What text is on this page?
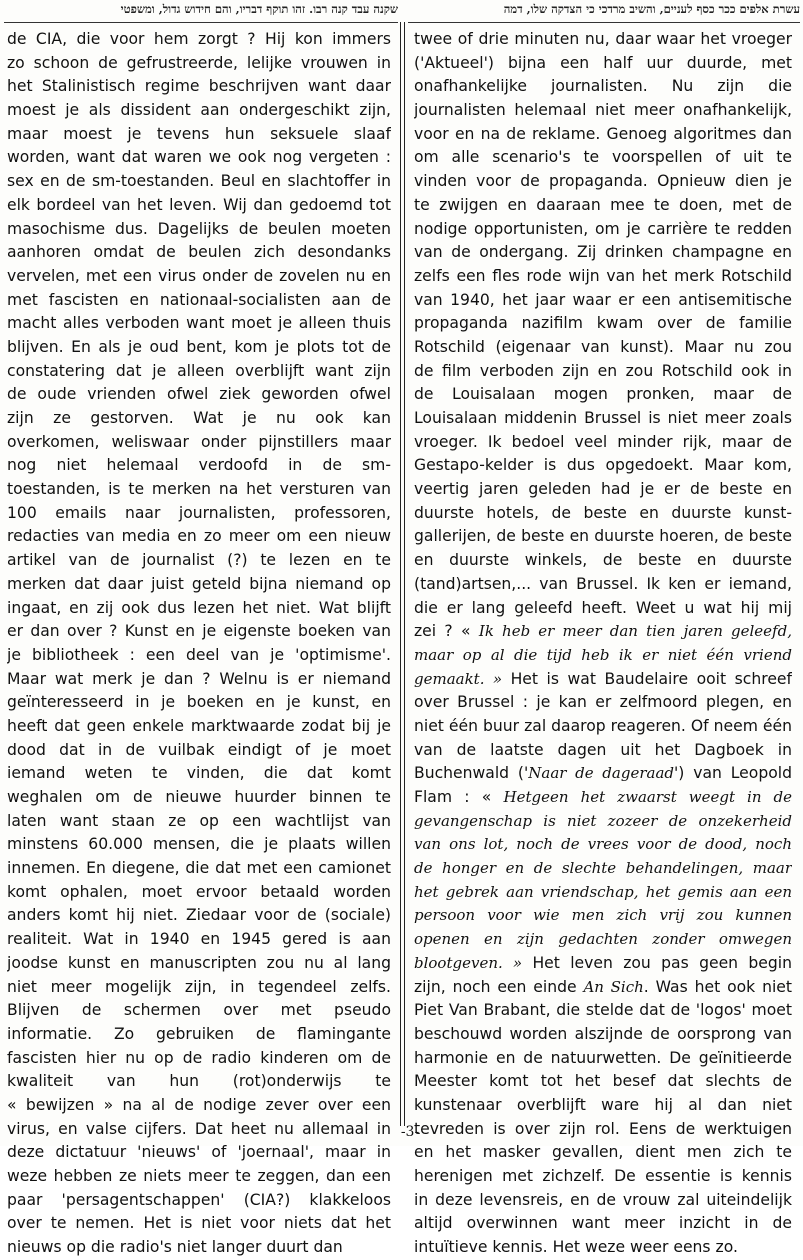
שקנה עבד קנה רבו. זהו תוקף דבריו, והם חידוש גדול, ומשפטי	עשרת אלפים ככר כסף לעניים, והשיב מרדכי כי הצדקה שלו, דמה
de CIA, die voor hem zorgt ? Hij kon immers
zo schoon de gefrustreerde, lelijke vrouwen in
het Stalinistisch regime beschrijven want daar
moest je als dissident aan ondergeschikt zijn,
maar moest je tevens hun seksuele slaaf
worden, want dat waren we ook nog vergeten :
sex en de sm-toestanden. Beul en slachtoffer in
elk bordeel van het leven. Wij dan gedoemd tot
masochisme dus. Dagelijks de beulen moeten
aanhoren omdat de beulen zich desondanks
vervelen, met een virus onder de zovelen nu en
met fascisten en nationaal-socialisten aan de
macht alles verboden want moet je alleen thuis
blijven. En als je oud bent, kom je plots tot de
constatering dat je alleen overblijft want zijn
de oude vrienden ofwel ziek geworden ofwel
zijn ze gestorven. Wat je nu ook kan
overkomen, weliswaar onder pijnstillers maar
nog niet helemaal verdoofd in de sm-
toestanden, is te merken na het versturen van
100 emails naar journalisten, professoren,
redacties van media en zo meer om een nieuw
artikel van de journalist (?) te lezen en te
merken dat daar juist geteld bijna niemand op
ingaat, en zij ook dus lezen het niet. Wat blijft
er dan over ? Kunst en je eigenste boeken van
je bibliotheek : een deel van je 'optimisme'.
Maar wat merk je dan ? Welnu is er niemand
geïnteresseerd in je boeken en je kunst, en
heeft dat geen enkele marktwaarde zodat bij je
dood dat in de vuilbak eindigt of je moet
iemand weten te vinden, die dat komt
weghalen om de nieuwe huurder binnen te
laten want staan ze op een wachtlijst van
minstens 60.000 mensen, die je plaats willen
innemen. En diegene, die dat met een camionet
komt ophalen, moet ervoor betaald worden
anders komt hij niet. Ziedaar voor de (sociale)
realiteit. Wat in 1940 en 1945 gered is aan
joodse kunst en manuscripten zou nu al lang
niet meer mogelijk zijn, in tegendeel zelfs.
Blijven de schermen over met pseudo
informatie. Zo gebruiken de flamingante
fascisten hier nu op de radio kinderen om de
kwaliteit van hun (rot)onderwijs te
« bewijzen » na al de nodige zever over een
virus, en valse cijfers. Dat heet nu allemaal in
deze dictatuur 'nieuws' of 'joernaal', maar in
weze hebben ze niets meer te zeggen, dan een
paar 'persagentschappen' (CIA?) klakkeloos
over te nemen. Het is niet voor niets dat het
nieuws op die radio's niet langer duurt dan
twee of drie minuten nu, daar waar het vroeger
('Aktueel') bijna een half uur duurde, met
onafhankelijke journalisten. Nu zijn die
journalisten helemaal niet meer onafhankelijk,
voor en na de reklame. Genoeg algoritmes dan
om alle scenario's te voorspellen of uit te
vinden voor de propaganda. Opnieuw dien je
te zwijgen en daaraan mee te doen, met de
nodige opportunisten, om je carrière te redden
van de ondergang. Zij drinken champagne en
zelfs een fles rode wijn van het merk Rotschild
van 1940, het jaar waar er een antisemitische
propaganda nazifilm kwam over de familie
Rotschild (eigenaar van kunst). Maar nu zou
de film verboden zijn en zou Rotschild ook in
de Louisalaan mogen pronken, maar de
Louisalaan middenin Brussel is niet meer zoals
vroeger. Ik bedoel veel minder rijk, maar de
Gestapo-kelder is dus opgedoekt. Maar kom,
veertig jaren geleden had je er de beste en
duurste hotels, de beste en duurste kunst-
gallerijen, de beste en duurste hoeren, de beste
en duurste winkels, de beste en duurste
(tand)artsen,... van Brussel. Ik ken er iemand,
die er lang geleefd heeft. Weet u wat hij mij
zei ? « Ik heb er meer dan tien jaren geleefd,
maar op al die tijd heb ik er niet één vriend
gemaakt. » Het is wat Baudelaire ooit schreef
over Brussel : je kan er zelfmoord plegen, en
niet één buur zal daarop reageren. Of neem één
van de laatste dagen uit het Dagboek in
Buchenwald ('Naar de dageraad') van Leopold
Flam : « Hetgeen het zwaarst weegt in de
gevangenschap is niet zozeer de onzekerheid
van ons lot, noch de vrees voor de dood, noch
de honger en de slechte behandelingen, maar
het gebrek aan vriendschap, het gemis aan een
persoon voor wie men zich vrij zou kunnen
openen en zijn gedachten zonder omwegen
blootgeven. » Het leven zou pas geen begin
zijn, noch een einde An Sich. Was het ook niet
Piet Van Brabant, die stelde dat de 'logos' moet
beschouwd worden alszijnde de oorsprong van
harmonie en de natuurwetten. De geïnitieerde
Meester komt tot het besef dat slechts de
kunstenaar overblijft ware hij al dan niet
tevreden is over zijn rol. Eens de werktuigen
en het masker gevallen, dient men zich te
herenigen met zichzelf. De essentie is kennis
in deze levensreis, en de vrouw zal uiteindelijk
altijd overwinnen want meer inzicht in de
intuïtieve kennis. Het weze weer eens zo.
-3-
